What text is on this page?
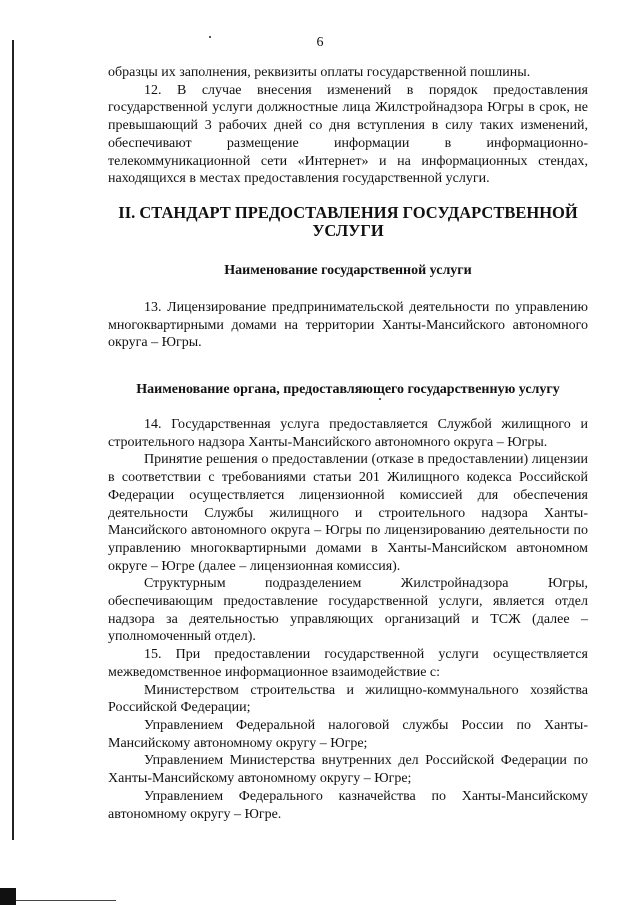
6

образцы их заполнения, реквизиты оплаты государственной пошлины.

12. В случае внесения изменений в порядок предоставления государственной услуги должностные лица Жилстройнадзора Югры в срок, не превышающий 3 рабочих дней со дня вступления в силу таких изменений, обеспечивают размещение информации в информационно-телекоммуникационной сети «Интернет» и на информационных стендах, находящихся в местах предоставления государственной услуги.

II. СТАНДАРТ ПРЕДОСТАВЛЕНИЯ ГОСУДАРСТВЕННОЙ УСЛУГИ

Наименование государственной услуги

13. Лицензирование предпринимательской деятельности по управлению многоквартирными домами на территории Ханты-Мансийского автономного округа – Югры.

Наименование органа, предоставляющего государственную услугу

14. Государственная услуга предоставляется Службой жилищного и строительного надзора Ханты-Мансийского автономного округа – Югры.

Принятие решения о предоставлении (отказе в предоставлении) лицензии в соответствии с требованиями статьи 201 Жилищного кодекса Российской Федерации осуществляется лицензионной комиссией для обеспечения деятельности Службы жилищного и строительного надзора Ханты-Мансийского автономного округа – Югры по лицензированию деятельности по управлению многоквартирными домами в Ханты-Мансийском автономном округе – Югре (далее – лицензионная комиссия).

Структурным подразделением Жилстройнадзора Югры, обеспечивающим предоставление государственной услуги, является отдел надзора за деятельностью управляющих организаций и ТСЖ (далее – уполномоченный отдел).

15. При предоставлении государственной услуги осуществляется межведомственное информационное взаимодействие с:

Министерством строительства и жилищно-коммунального хозяйства Российской Федерации;

Управлением Федеральной налоговой службы России по Ханты-Мансийскому автономному округу – Югре;

Управлением Министерства внутренних дел Российской Федерации по Ханты-Мансийскому автономному округу – Югре;

Управлением Федерального казначейства по Ханты-Мансийскому автономному округу – Югре.
